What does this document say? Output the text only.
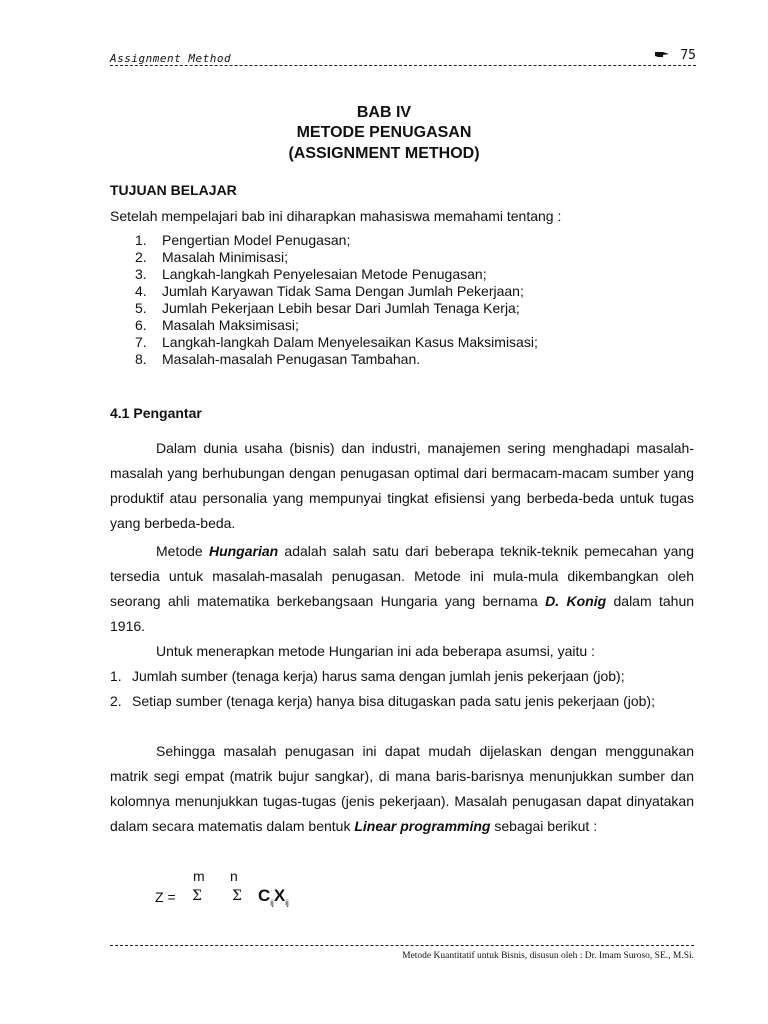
Assignment Method	75
BAB IV
METODE PENUGASAN
(ASSIGNMENT METHOD)
TUJUAN BELAJAR
Setelah mempelajari bab ini diharapkan mahasiswa memahami tentang :
1. Pengertian Model Penugasan;
2. Masalah Minimisasi;
3. Langkah-langkah Penyelesaian Metode Penugasan;
4. Jumlah Karyawan Tidak Sama Dengan Jumlah Pekerjaan;
5. Jumlah Pekerjaan Lebih besar Dari Jumlah Tenaga Kerja;
6. Masalah Maksimisasi;
7. Langkah-langkah Dalam Menyelesaikan Kasus Maksimisasi;
8. Masalah-masalah Penugasan Tambahan.
4.1 Pengantar
Dalam dunia usaha (bisnis) dan industri, manajemen sering menghadapi masalah-masalah yang berhubungan dengan penugasan optimal dari bermacam-macam sumber yang produktif atau personalia yang mempunyai tingkat efisiensi yang berbeda-beda untuk tugas yang berbeda-beda.
Metode Hungarian adalah salah satu dari beberapa teknik-teknik pemecahan yang tersedia untuk masalah-masalah penugasan. Metode ini mula-mula dikembangkan oleh seorang ahli matematika berkebangsaan Hungaria yang bernama D. Konig dalam tahun 1916.
Untuk menerapkan metode Hungarian ini ada beberapa asumsi, yaitu :
1. Jumlah sumber (tenaga kerja) harus sama dengan jumlah jenis pekerjaan (job);
2. Setiap sumber (tenaga kerja) hanya bisa ditugaskan pada satu jenis pekerjaan (job);
Sehingga masalah penugasan ini dapat mudah dijelaskan dengan menggunakan matrik segi empat (matrik bujur sangkar), di mana baris-barisnya menunjukkan sumber dan kolomnya menunjukkan tugas-tugas (jenis pekerjaan). Masalah penugasan dapat dinyatakan dalam secara matematis dalam bentuk Linear programming sebagai berikut :
m n
Z = Σ Σ $C_{ij}X_{ij}$
Metode Kuantitatif untuk Bisnis, disusun oleh : Dr. Imam Suroso, SE., M.Si.
